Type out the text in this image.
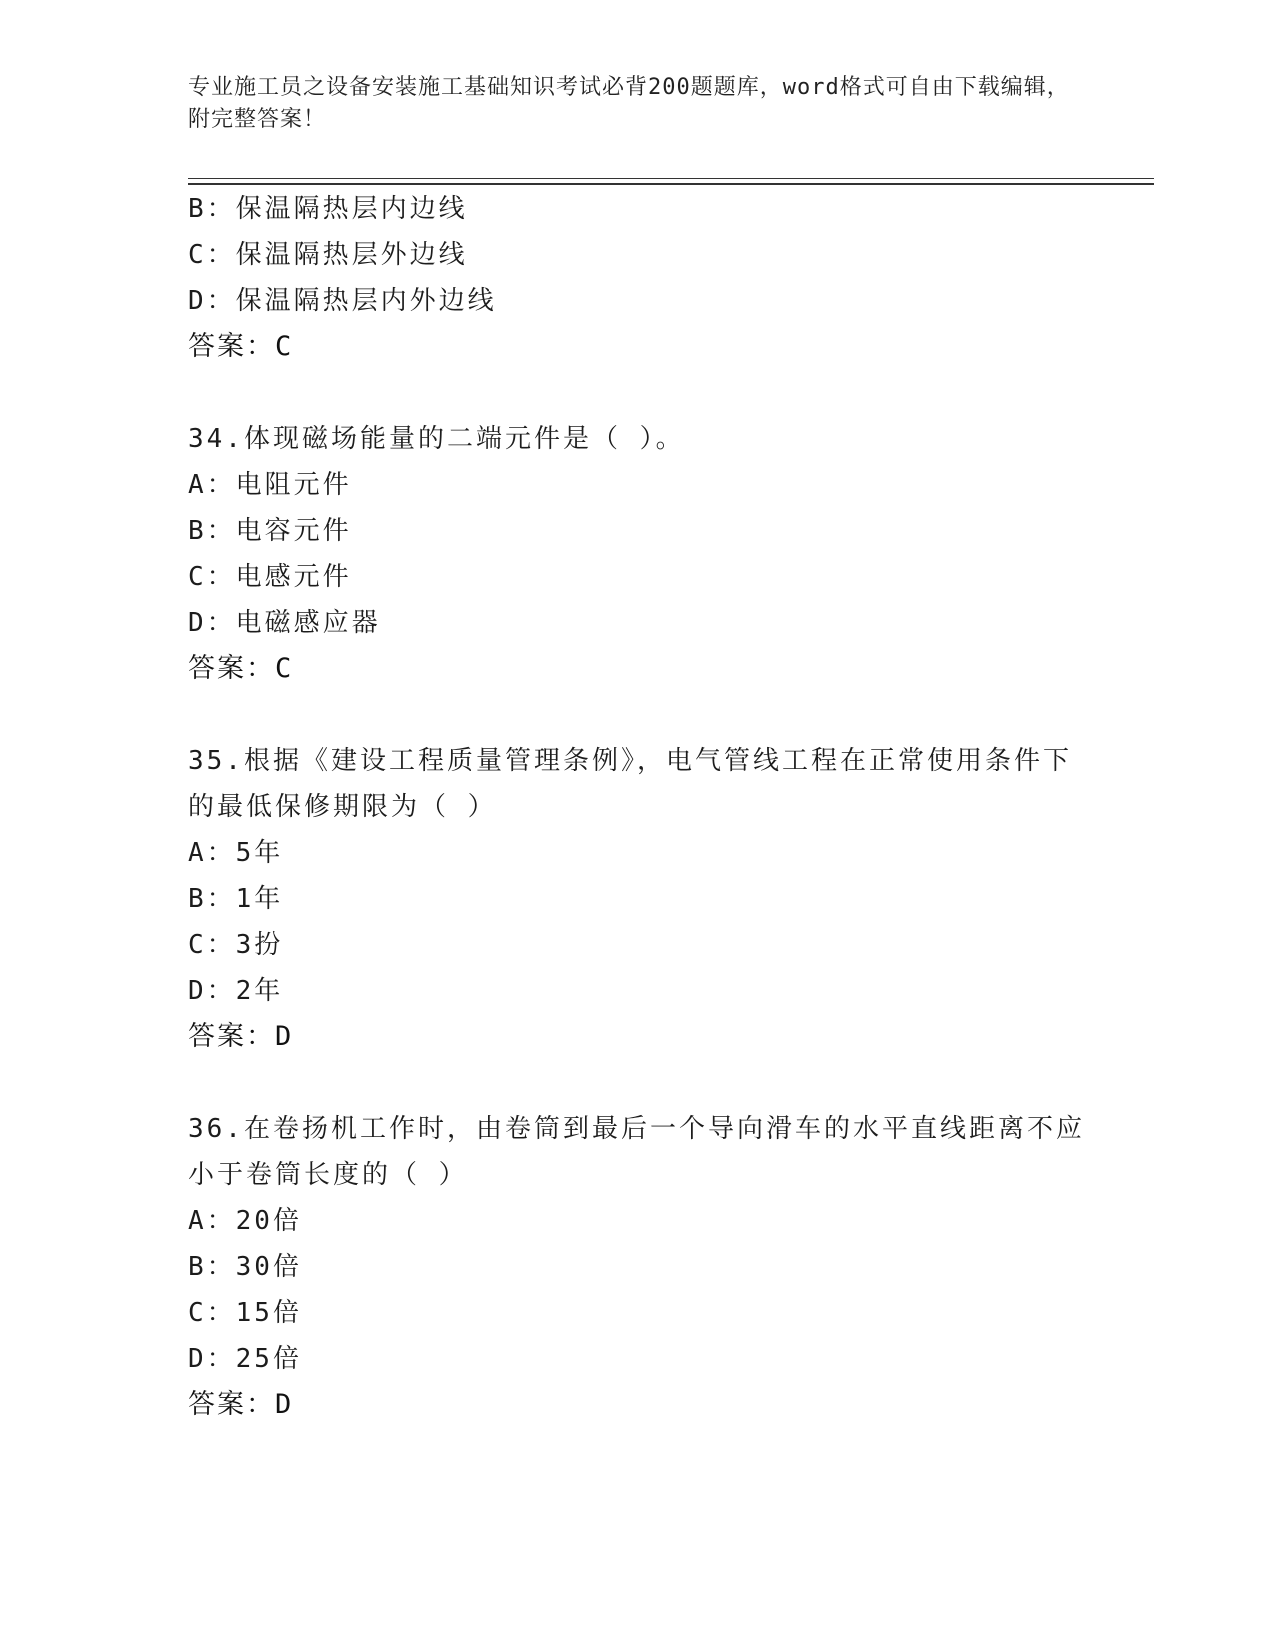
专业施工员之设备安装施工基础知识考试必背200题题库，word格式可自由下载编辑，附完整答案！
B：保温隔热层内边线
C：保温隔热层外边线
D：保温隔热层内外边线
答案：C
34.体现磁场能量的二端元件是（ ）。
A：电阻元件
B：电容元件
C：电感元件
D：电磁感应器
答案：C
35.根据《建设工程质量管理条例》，电气管线工程在正常使用条件下的最低保修期限为（ ）
A：5年
B：1年
C：3扮
D：2年
答案：D
36.在卷扬机工作时，由卷筒到最后一个导向滑车的水平直线距离不应小于卷筒长度的（ ）
A：20倍
B：30倍
C：15倍
D：25倍
答案：D
